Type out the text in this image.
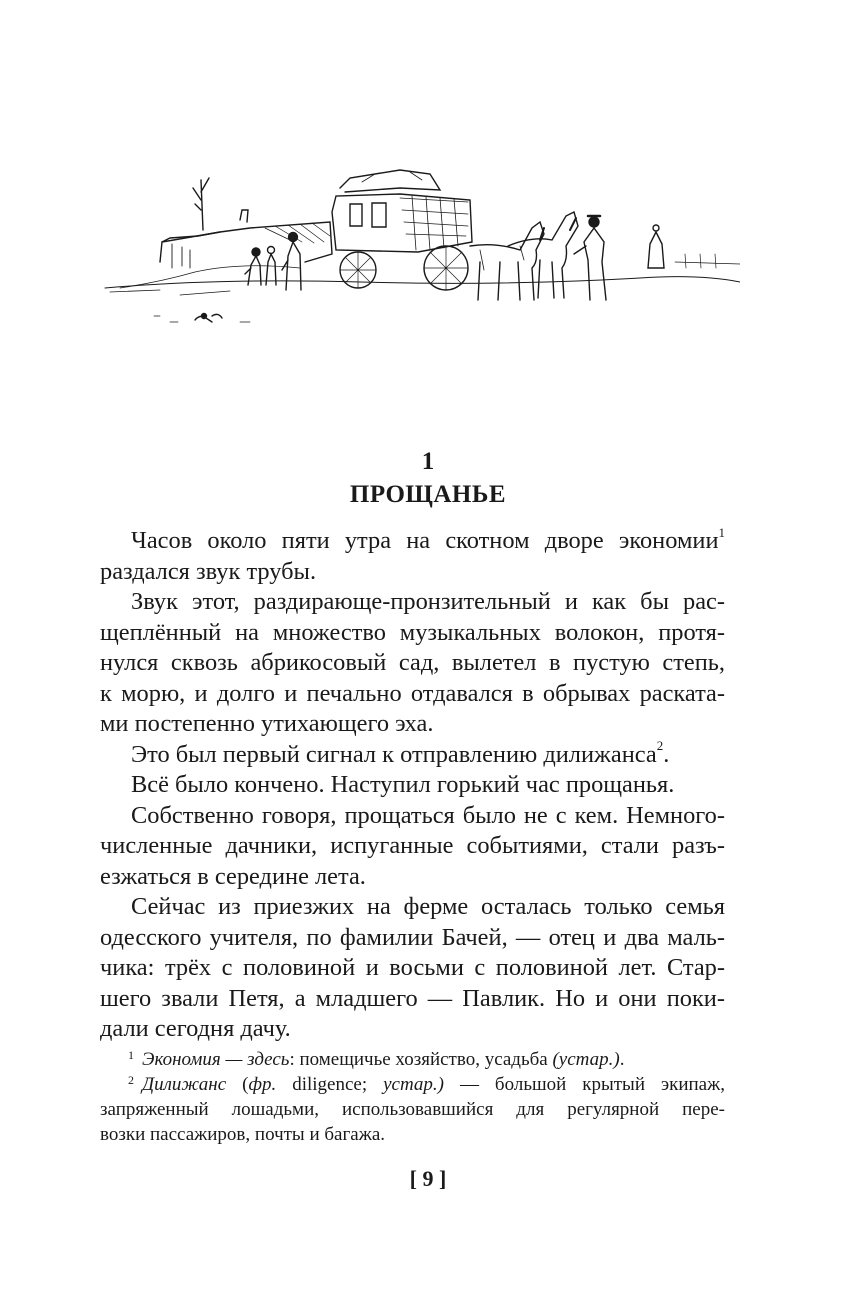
1
ПРОЩАНЬЕ
Часов около пяти утра на скотном дворе экономии$^1$
раздался звук трубы.
Звук этот, раздирающе-пронзительный и как бы рас-
щеплённый на множество музыкальных волокон, протя-
нулся сквозь абрикосовый сад, вылетел в пустую степь,
к морю, и долго и печально отдавался в обрывах раската-
ми постепенно утихающего эха.
Это был первый сигнал к отправлению дилижанса$^2$.
Всё было кончено. Наступил горький час прощанья.
Собственно говоря, прощаться было не с кем. Немного-
численные дачники, испуганные событиями, стали разъ-
езжаться в середине лета.
Сейчас из приезжих на ферме осталась только семья
одесского учителя, по фамилии Бачей, — отец и два маль-
чика: трёх с половиной и восьми с половиной лет. Стар-
шего звали Петя, а младшего — Павлик. Но и они поки-
дали сегодня дачу.
$^1$ Экономия — здесь: помещичье хозяйство, усадьба (устар.).
$^2$ Дилижанс (фр. diligence; устар.) — большой крытый экипаж,
запряженный лошадьми, использовавшийся для регулярной пере-
возки пассажиров, почты и багажа.
[ 9 ]
